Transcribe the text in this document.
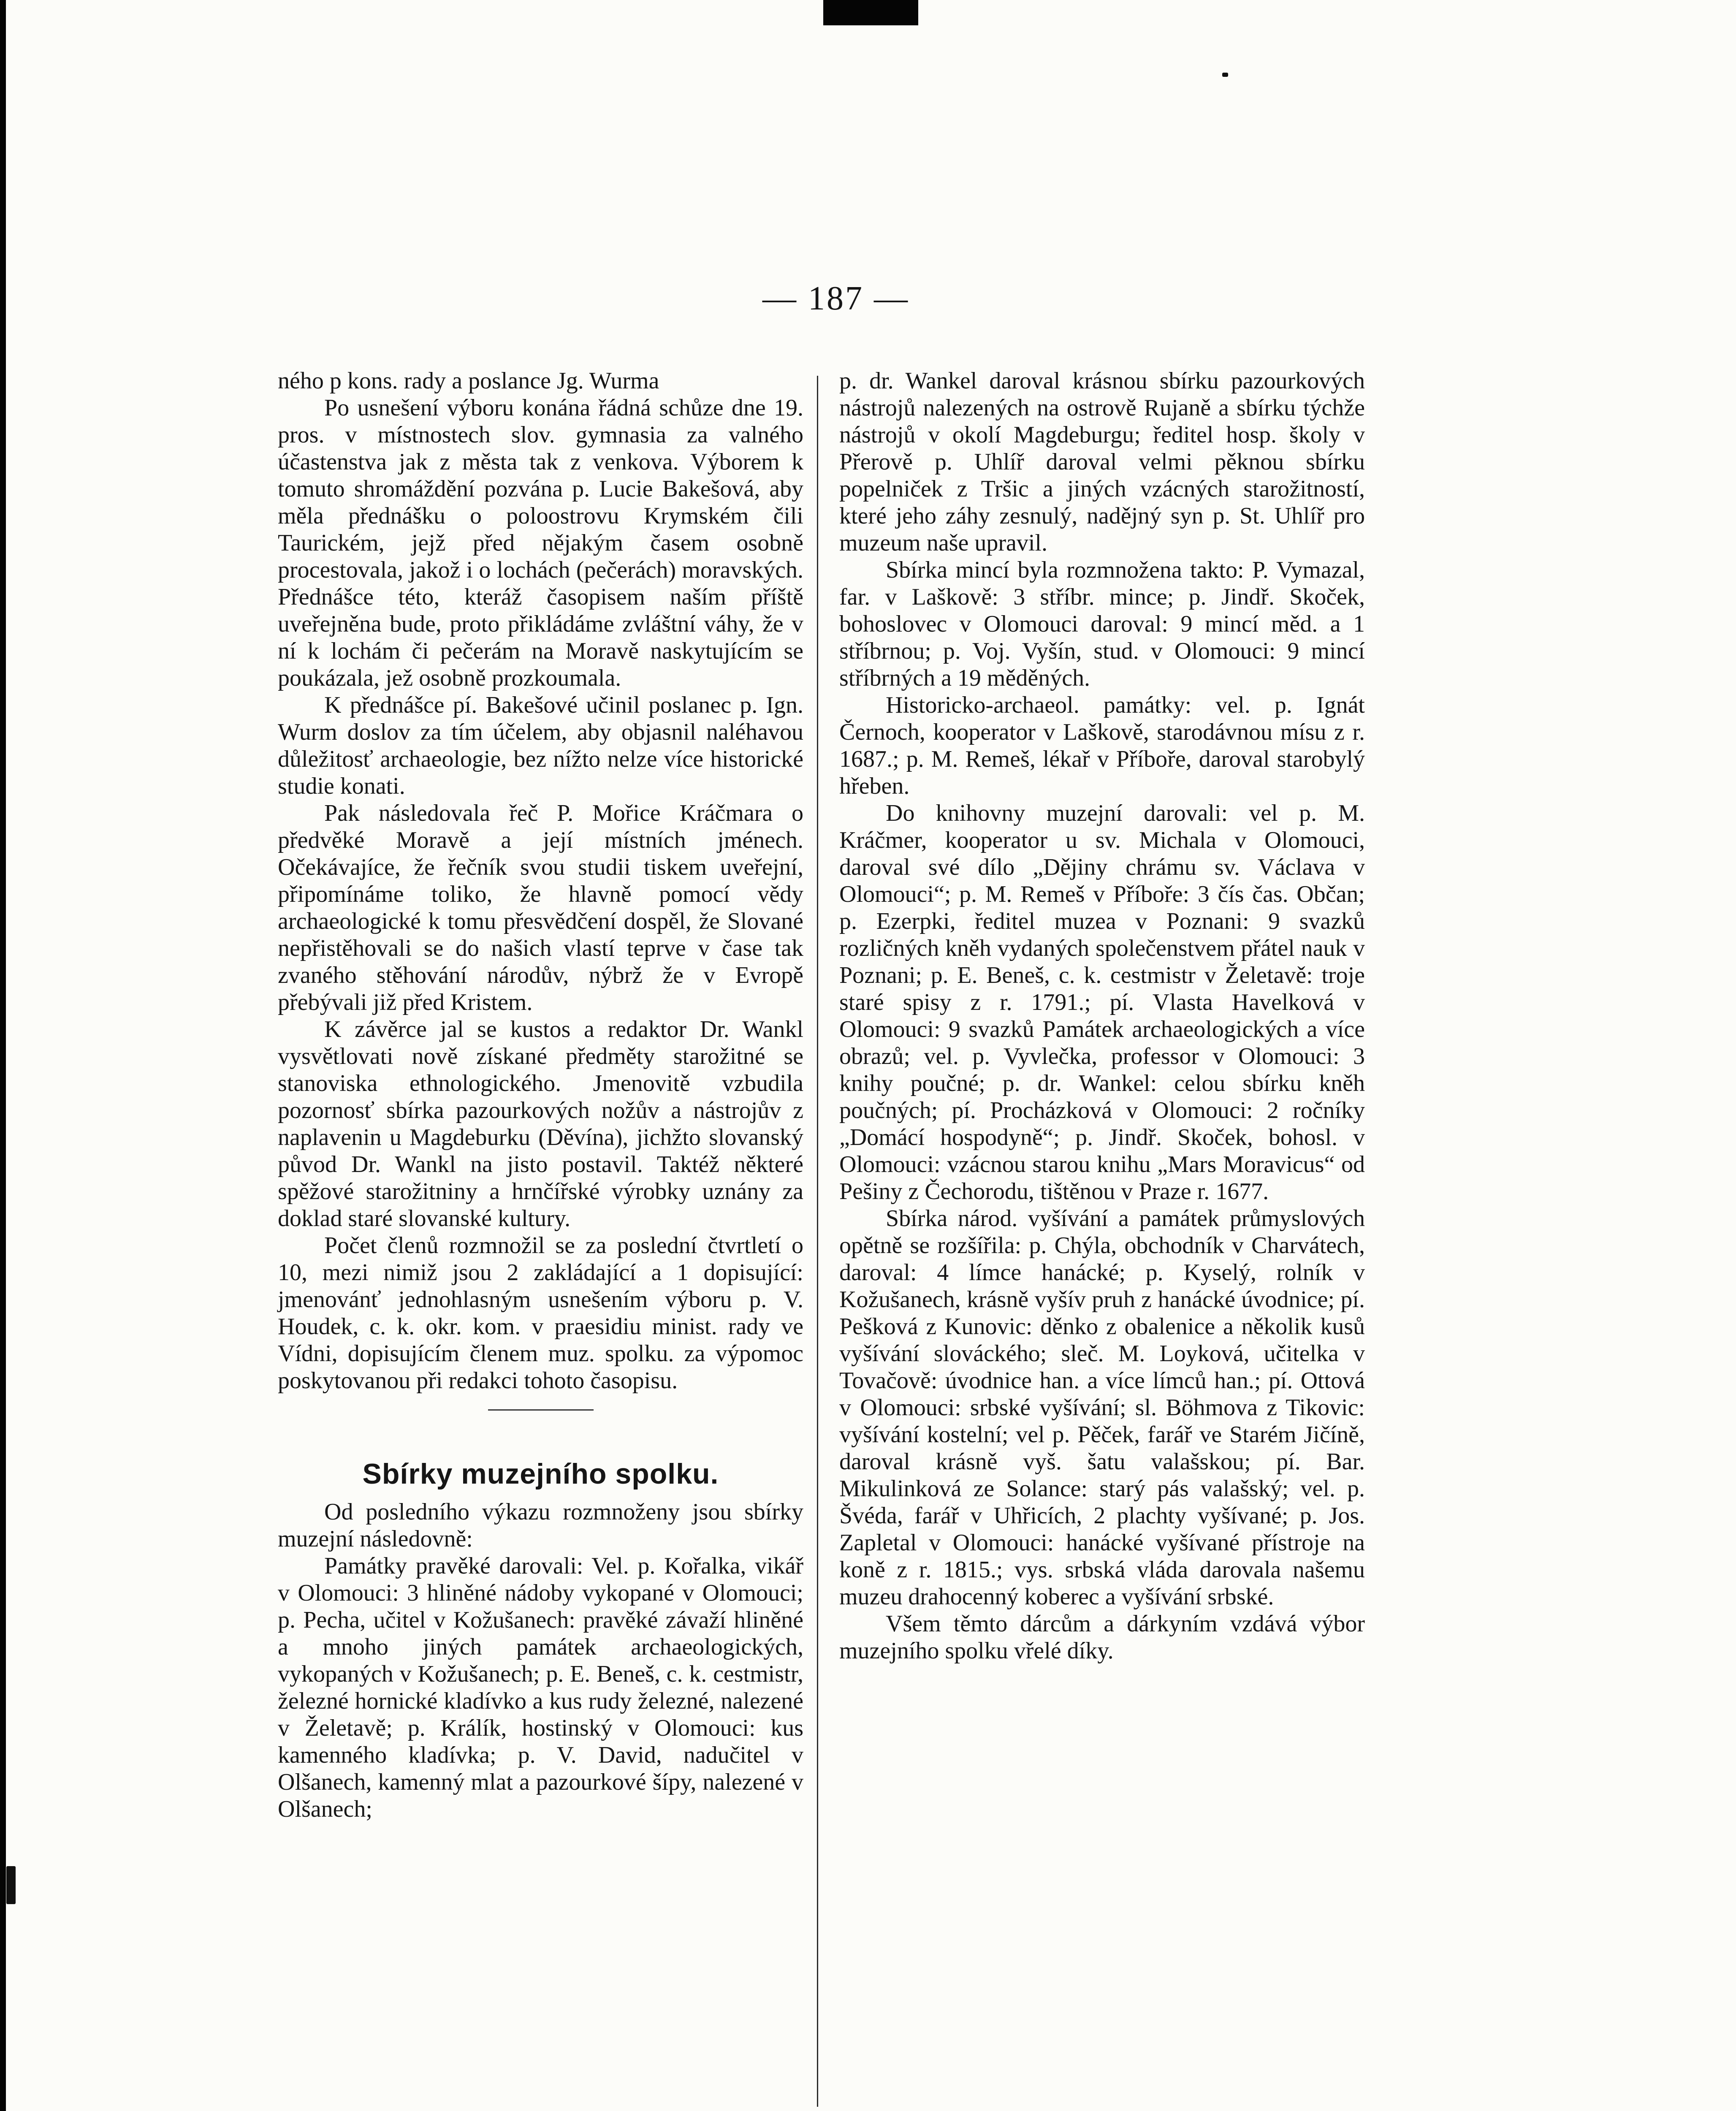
— 187 —

ného p kons. rady a poslance Jg. Wurma

Po usnešení výboru konána řádná schůze dne 19. pros. v místnostech slov. gymnasia za valného účastenstva jak z města tak z venkova. Výborem k tomuto shromáždění pozvána p. Lucie Bakešová, aby měla přednášku o poloostrovu Krymském čili Taurickém, jejž před nějakým časem osobně procestovala, jakož i o lochách (pečerách) moravských. Přednášce této, kteráž časopisem naším příště uveřejněna bude, proto přikládáme zvláštní váhy, že v ní k lochám či pečerám na Moravě naskytujícím se poukázala, jež osobně prozkoumala.

K přednášce pí. Bakešové učinil poslanec p. Ign. Wurm doslov za tím účelem, aby objasnil naléhavou důležitosť archaeologie, bez nížto nelze více historické studie konati.

Pak následovala řeč P. Mořice Kráčmara o předvěké Moravě a její místních jménech. Očekávajíce, že řečník svou studii tiskem uveřejní, připomínáme toliko, že hlavně pomocí vědy archaeologické k tomu přesvědčení dospěl, že Slované nepřistěhovali se do našich vlastí teprve v čase tak zvaného stěhování národův, nýbrž že v Evropě přebývali již před Kristem.

K závěrce jal se kustos a redaktor Dr. Wankl vysvětlovati nově získané předměty starožitné se stanoviska ethnologického. Jmenovitě vzbudila pozornosť sbírka pazourkových nožův a nástrojův z naplavenin u Magdeburku (Děvína), jichžto slovanský původ Dr. Wankl na jisto postavil. Taktéž některé spěžové starožitniny a hrnčířské výrobky uznány za doklad staré slovanské kultury.

Počet členů rozmnožil se za poslední čtvrtletí o 10, mezi nimiž jsou 2 zakládající a 1 dopisující: jmenovánť jednohlasným usnešením výboru p. V. Houdek, c. k. okr. kom. v praesidiu minist. rady ve Vídni, dopisujícím členem muz. spolku. za výpomoc poskytovanou při redakci tohoto časopisu.

Sbírky muzejního spolku.

Od posledního výkazu rozmnoženy jsou sbírky muzejní následovně:

Památky pravěké darovali: Vel. p. Kořalka, vikář v Olomouci: 3 hliněné nádoby vykopané v Olomouci; p. Pecha, učitel v Kožušanech: pravěké závaží hliněné a mnoho jiných památek archaeologických, vykopaných v Kožušanech; p. E. Beneš, c. k. cestmistr, železné hornické kladívko a kus rudy železné, nalezené v Želetavě; p. Králík, hostinský v Olomouci: kus kamenného kladívka; p. V. David, nadučitel v Olšanech, kamenný mlat a pazourkové šípy, nalezené v Olšanech;

p. dr. Wankel daroval krásnou sbírku pazourkových nástrojů nalezených na ostrově Rujaně a sbírku týchže nástrojů v okolí Magdeburgu; ředitel hosp. školy v Přerově p. Uhlíř daroval velmi pěknou sbírku popelniček z Tršic a jiných vzácných starožitností, které jeho záhy zesnulý, nadějný syn p. St. Uhlíř pro muzeum naše upravil.

Sbírka mincí byla rozmnožena takto: P. Vymazal, far. v Laškově: 3 stříbr. mince; p. Jindř. Skoček, bohoslovec v Olomouci daroval: 9 mincí měd. a 1 stříbrnou; p. Voj. Vyšín, stud. v Olomouci: 9 mincí stříbrných a 19 měděných.

Historicko-archaeol. památky: vel. p. Ignát Černoch, kooperator v Laškově, starodávnou mísu z r. 1687.; p. M. Remeš, lékař v Příboře, daroval starobylý hřeben.

Do knihovny muzejní darovali: vel p. M. Kráčmer, kooperator u sv. Michala v Olomouci, daroval své dílo „Dějiny chrámu sv. Václava v Olomouci“; p. M. Remeš v Příboře: 3 čís čas. Občan; p. Ezerpki, ředitel muzea v Poznani: 9 svazků rozličných kněh vydaných společenstvem přátel nauk v Poznani; p. E. Beneš, c. k. cestmistr v Želetavě: troje staré spisy z r. 1791.; pí. Vlasta Havelková v Olomouci: 9 svazků Památek archaeologických a více obrazů; vel. p. Vyvlečka, professor v Olomouci: 3 knihy poučné; p. dr. Wankel: celou sbírku kněh poučných; pí. Procházková v Olomouci: 2 ročníky „Domácí hospodyně“; p. Jindř. Skoček, bohosl. v Olomouci: vzácnou starou knihu „Mars Moravicus“ od Pešiny z Čechorodu, tištěnou v Praze r. 1677.

Sbírka národ. vyšívání a památek průmyslových opětně se rozšířila: p. Chýla, obchodník v Charvátech, daroval: 4 límce hanácké; p. Kyselý, rolník v Kožušanech, krásně vyšív pruh z hanácké úvodnice; pí. Pešková z Kunovic: děnko z obalenice a několik kusů vyšívání slováckého; sleč. M. Loyková, učitelka v Tovačově: úvodnice han. a více límců han.; pí. Ottová v Olomouci: srbské vyšívání; sl. Böhmova z Tikovic: vyšívání kostelní; vel p. Pěček, farář ve Starém Jičíně, daroval krásně vyš. šatu valašskou; pí. Bar. Mikulinková ze Solance: starý pás valašský; vel. p. Švéda, farář v Uhřicích, 2 plachty vyšívané; p. Jos. Zapletal v Olomouci: hanácké vyšívané přístroje na koně z r. 1815.; vys. srbská vláda darovala našemu muzeu drahocenný koberec a vyšívání srbské.

Všem těmto dárcům a dárkyním vzdává výbor muzejního spolku vřelé díky.
